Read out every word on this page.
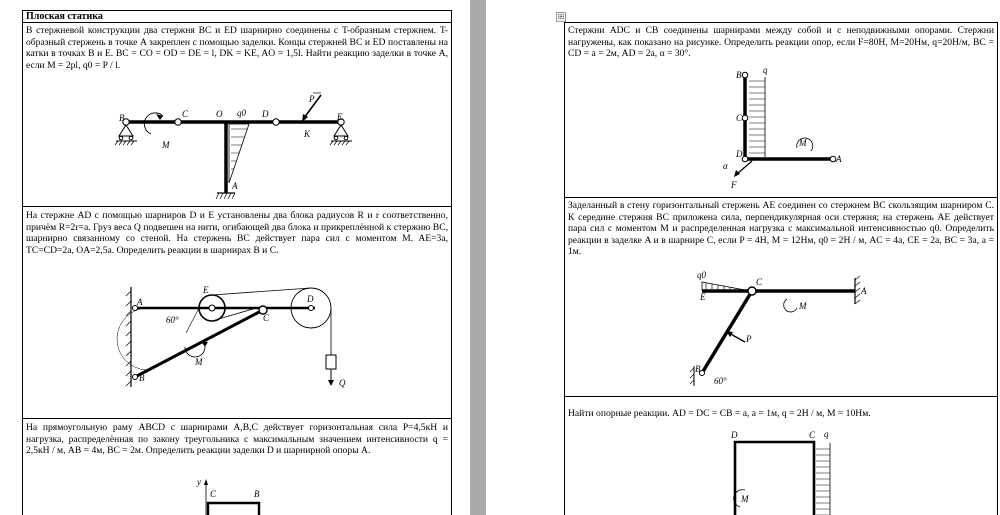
Плоская статика
В стержневой конструкции два стержня BC и ED шарнирно соединены с T-образным стержнем. T-образный стержень в точке A закреплен с помощью заделки. Концы стержней BC и ED поставлены на катки в точках B и E. BC = CO = OD = DE = l, DK = KE, AO = 1,5l. Найти реакцию заделки в точке A, если M = 2pl, q0 = P / l.
B	C	O q0 D
P
K
E
M
A
На стержне AD с помощью шарниров D и E установлены два блока радиусов R и r соответственно, причём R=2r=a. Груз веса Q подвешен на нити, огибающей два блока и прикреплённой к стержню BC, шарнирно связанному со стеной. На стержень BC действует пара сил с моментом M. AE=3a, TC=CD=2a, OA=2,5a. Определить реакции в шарнирах B и C.
A
E
D
60°	C
M
B	Q
На прямоугольную раму ABCD с шарнирами A,B,C действует горизонтальная сила P=4,5кН и нагрузка, распределённая по закону треугольника с максимальным значением интенсивности q = 2,5кН / м, AB = 4м, BC = 2м. Определить реакции заделки D и шарнирной опоры A.
y
C	B
⊞
Стержни ADC и CB соединены шарнирами между собой и с неподвижными опорами. Стержни нагружены, как показано на рисунке. Определить реакции опор, если F=80Н, M=20Нм, q=20Н/м, BC = CD = a = 2м, AD = 2a, α = 30°.
B q
C
M
D	A
α
F
Заделанный в стену горизонтальный стержень AE соединен со стержнем BC скользящим шарниром C. К середине стержня BC приложена сила, перпендикулярная оси стержня; на стержень AE действует пара сил с моментом M и распределенная нагрузка с максимальной интенсивностью q0. Определить реакции в заделке A и в шарнире C, если P = 4Н, M = 12Нм, q0 = 2Н / м, AC = 4a, CE = 2a, BC = 3a, a = 1м.
q0
C
E
A
M
P
B
60°
Найти опорные реакции. AD = DC = CB = a, a = 1м, q = 2Н / м, M = 10Нм.
D	C q
M
